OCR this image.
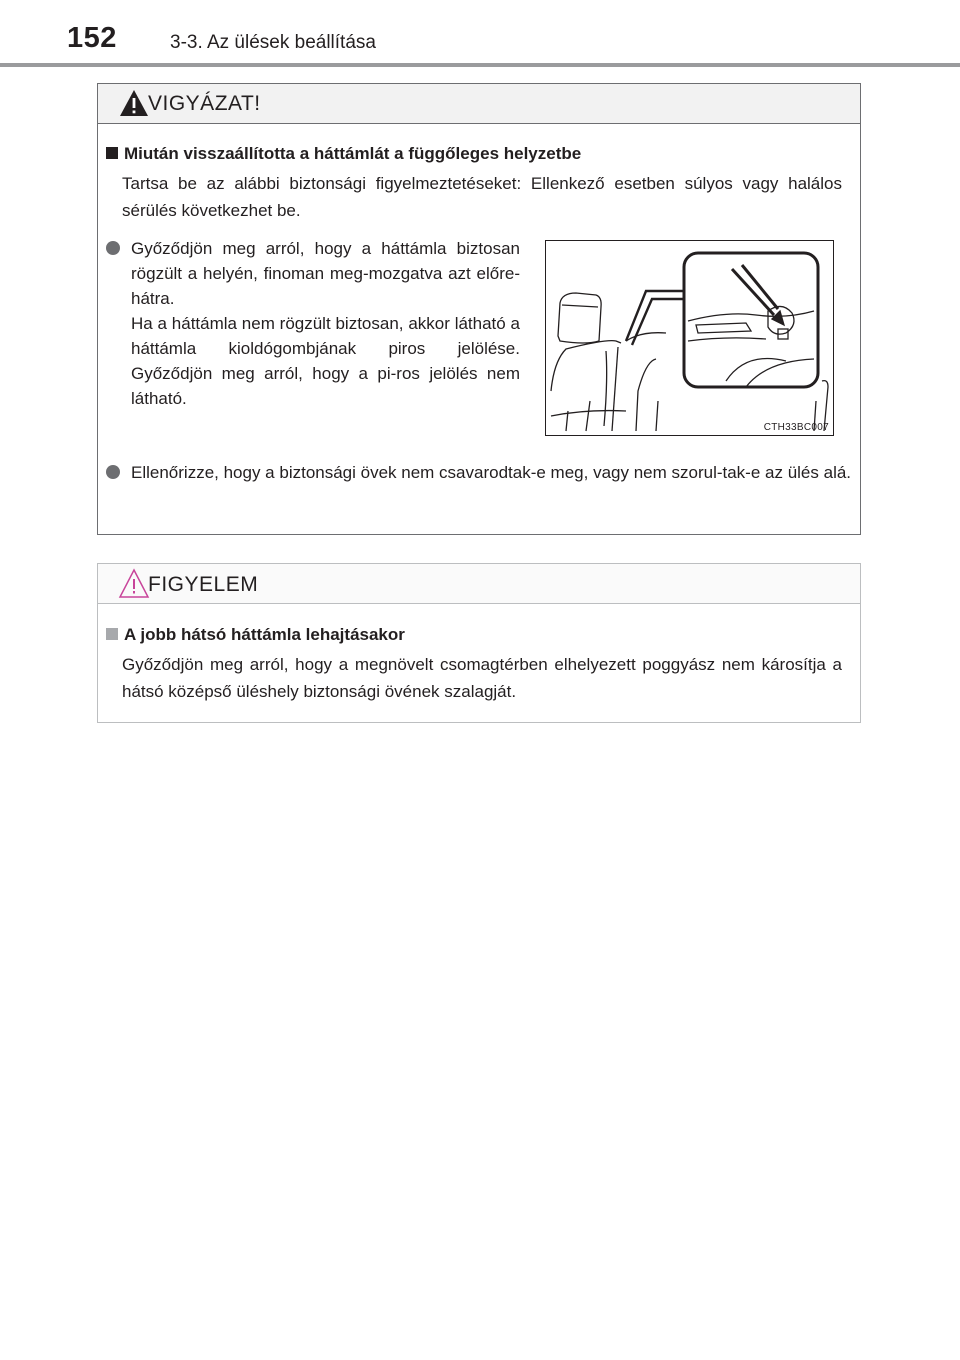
152	3-3. Az ülések beállítása
VIGYÁZAT!
Miután visszaállította a háttámlát a függőleges helyzetbe
Tartsa be az alábbi biztonsági figyelmeztetéseket: Ellenkező esetben súlyos vagy halálos sérülés következhet be.
Győződjön meg arról, hogy a háttámla biztosan rögzült a helyén, finoman meg-mozgatva azt előre-hátra.
Ha a háttámla nem rögzült biztosan, akkor látható a háttámla kioldógombjának piros jelölése. Győződjön meg arról, hogy a pi-ros jelölés nem látható.
CTH33BC007
Ellenőrizze, hogy a biztonsági övek nem csavarodtak-e meg, vagy nem szorul-tak-e az ülés alá.
FIGYELEM
A jobb hátsó háttámla lehajtásakor
Győződjön meg arról, hogy a megnövelt csomagtérben elhelyezett poggyász nem károsítja a hátsó középső üléshely biztonsági övének szalagját.
